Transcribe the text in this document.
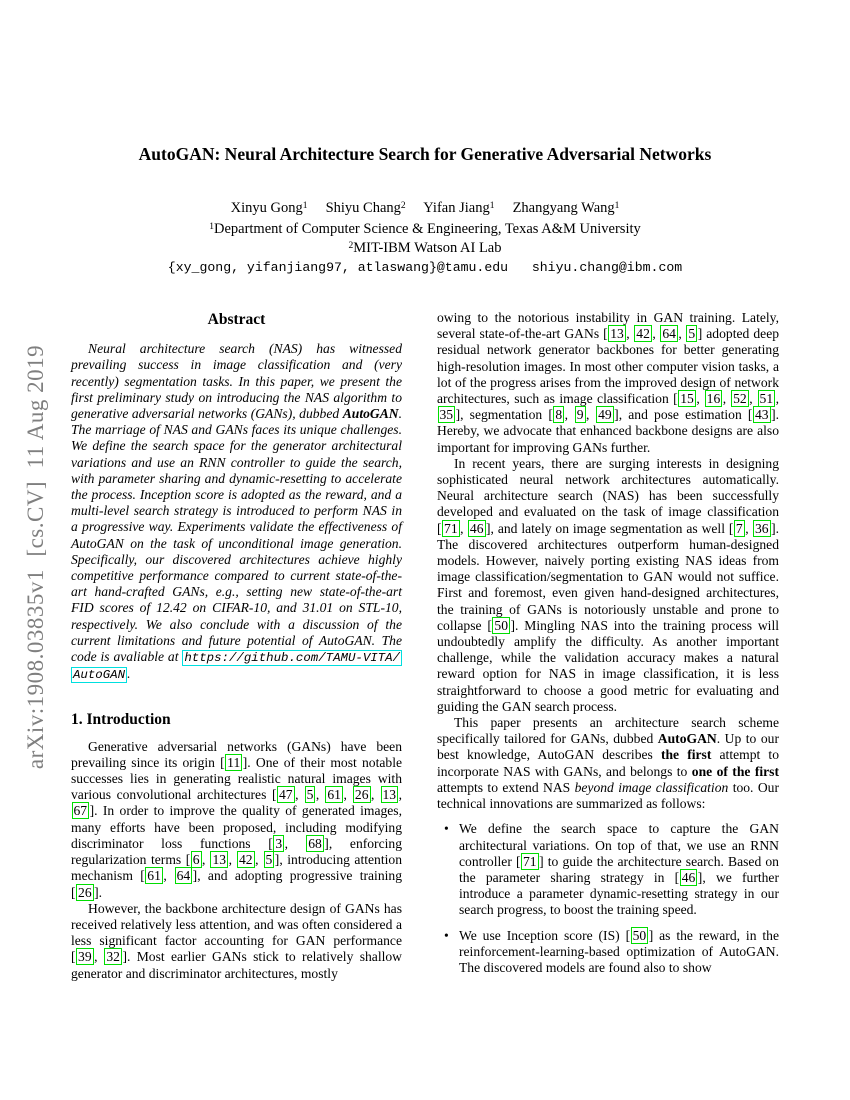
arXiv:1908.03835v1  [cs.CV]  11 Aug 2019
AutoGAN: Neural Architecture Search for Generative Adversarial Networks
Xinyu Gong$^1$ Shiyu Chang$^2$ Yifan Jiang$^1$ Zhangyang Wang$^1$
$^1$Department of Computer Science & Engineering, Texas A&M University
$^2$MIT-IBM Watson AI Lab
{xy_gong, yifanjiang97, atlaswang}@tamu.edu   shiyu.chang@ibm.com
Abstract

Neural architecture search (NAS) has witnessed prevailing success in image classification and (very recently) segmentation tasks. In this paper, we present the first preliminary study on introducing the NAS algorithm to generative adversarial networks (GANs), dubbed AutoGAN. The marriage of NAS and GANs faces its unique challenges. We define the search space for the generator architectural variations and use an RNN controller to guide the search, with parameter sharing and dynamic-resetting to accelerate the process. Inception score is adopted as the reward, and a multi-level search strategy is introduced to perform NAS in a progressive way. Experiments validate the effectiveness of AutoGAN on the task of unconditional image generation. Specifically, our discovered architectures achieve highly competitive performance compared to current state-of-the-art hand-crafted GANs, e.g., setting new state-of-the-art FID scores of 12.42 on CIFAR-10, and 31.01 on STL-10, respectively. We also conclude with a discussion of the current limitations and future potential of AutoGAN. The code is avaliable at https://github.com/TAMU-VITA/AutoGAN .

1. Introduction

Generative adversarial networks (GANs) have been prevailing since its origin [ 11 ]. One of their most notable successes lies in generating realistic natural images with various convolutional architectures [ 47 , 5 , 61 , 26 , 13 , 67 ]. In order to improve the quality of generated images, many efforts have been proposed, including modifying discriminator loss functions [ 3 , 68 ], enforcing regularization terms [ 6 , 13 , 42 , 5 ], introducing attention mechanism [ 61 , 64 ], and adopting progressive training [ 26 ].

However, the backbone architecture design of GANs has received relatively less attention, and was often considered a less significant factor accounting for GAN performance [ 39 , 32 ]. Most earlier GANs stick to relatively shallow generator and discriminator architectures, mostly

owing to the notorious instability in GAN training. Lately, several state-of-the-art GANs [ 13 , 42 , 64 , 5 ] adopted deep residual network generator backbones for better generating high-resolution images. In most other computer vision tasks, a lot of the progress arises from the improved design of network architectures, such as image classification [ 15 , 16 , 52 , 51 , 35 ], segmentation [ 8 , 9 , 49 ], and pose estimation [ 43 ]. Hereby, we advocate that enhanced backbone designs are also important for improving GANs further.

In recent years, there are surging interests in designing sophisticated neural network architectures automatically. Neural architecture search (NAS) has been successfully developed and evaluated on the task of image classification [ 71 , 46 ], and lately on image segmentation as well [ 7 , 36 ]. The discovered architectures outperform human-designed models. However, naively porting existing NAS ideas from image classification/segmentation to GAN would not suffice. First and foremost, even given hand-designed architectures, the training of GANs is notoriously unstable and prone to collapse [ 50 ]. Mingling NAS into the training process will undoubtedly amplify the difficulty. As another important challenge, while the validation accuracy makes a natural reward option for NAS in image classification, it is less straightforward to choose a good metric for evaluating and guiding the GAN search process.

This paper presents an architecture search scheme specifically tailored for GANs, dubbed AutoGAN. Up to our best knowledge, AutoGAN describes the first attempt to incorporate NAS with GANs, and belongs to one of the first attempts to extend NAS beyond image classification too. Our technical innovations are summarized as follows:

• We define the search space to capture the GAN architectural variations. On top of that, we use an RNN controller [ 71 ] to guide the architecture search. Based on the parameter sharing strategy in [ 46 ], we further introduce a parameter dynamic-resetting strategy in our search progress, to boost the training speed.
• We use Inception score (IS) [ 50 ] as the reward, in the reinforcement-learning-based optimization of AutoGAN. The discovered models are found also to show
